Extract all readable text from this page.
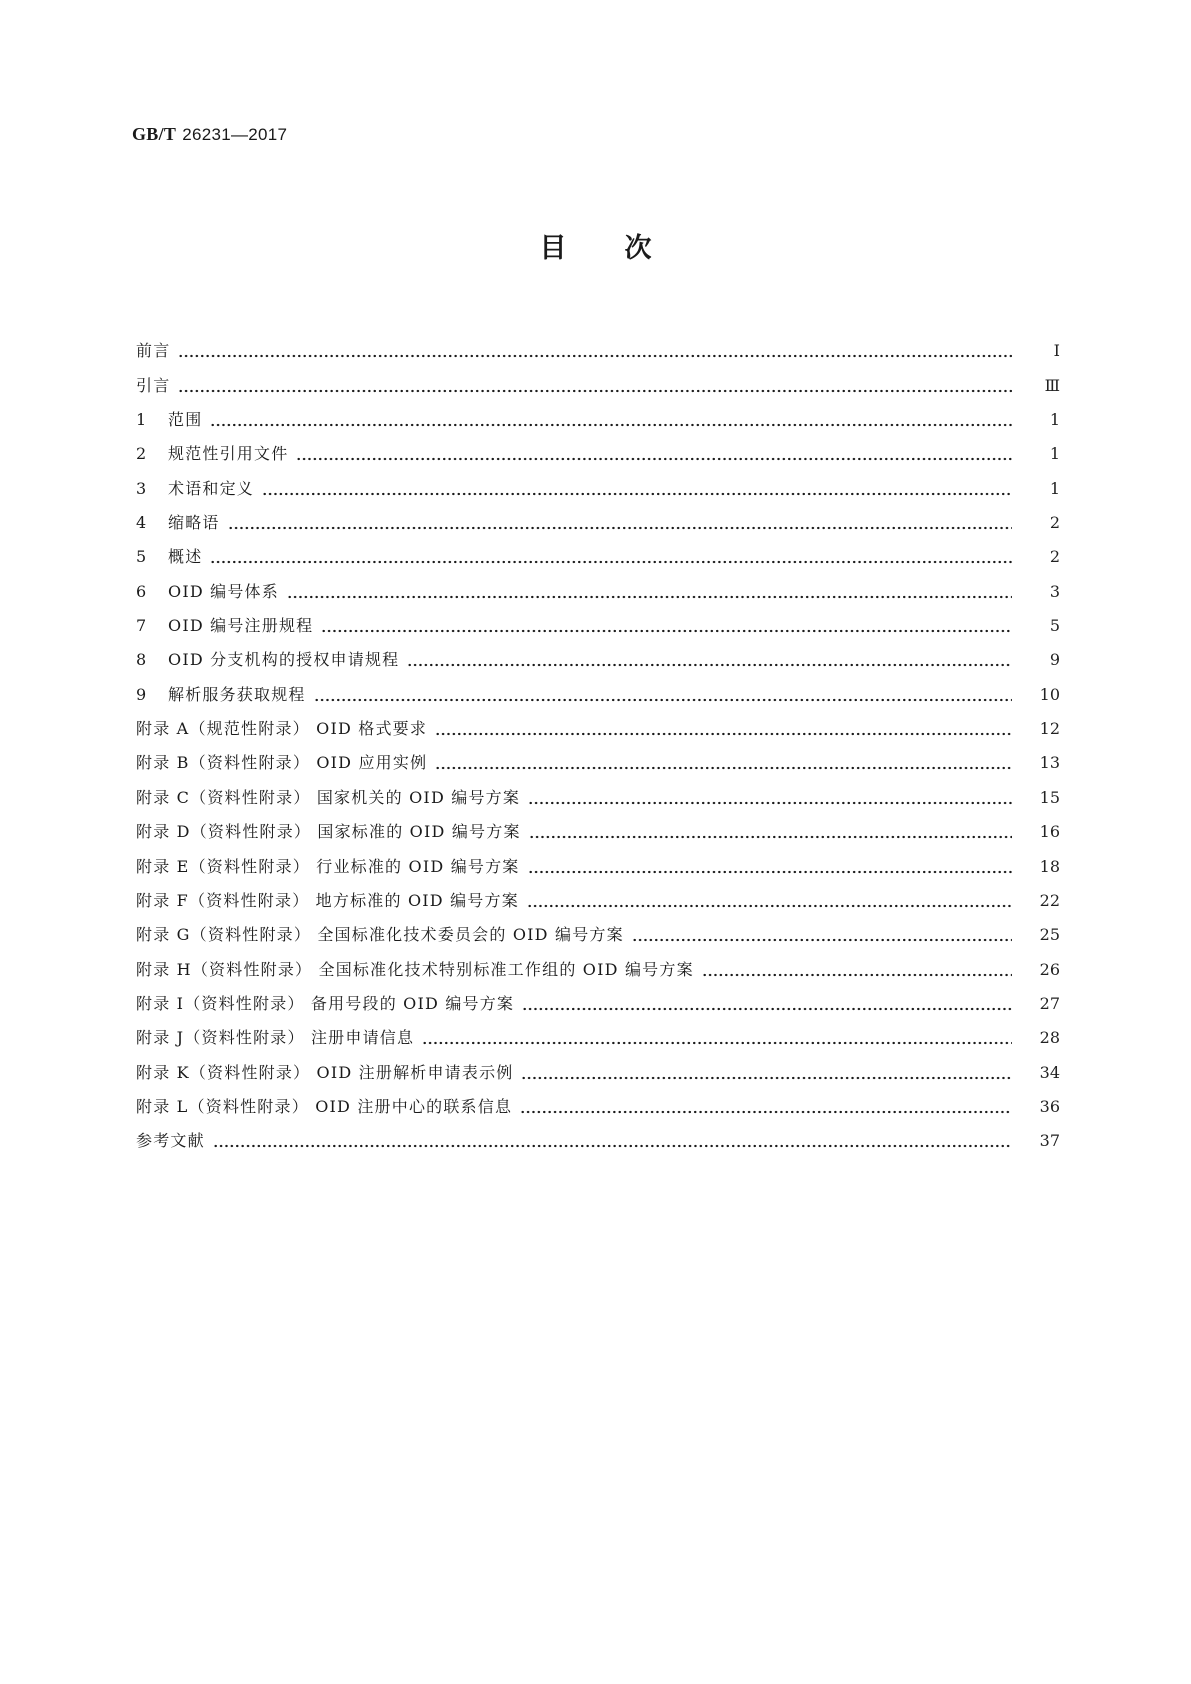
GB/T 26231—2017
目次
前言	Ⅰ
引言	Ⅲ
1 范围	1
2 规范性引用文件	1
3 术语和定义	1
4 缩略语	2
5 概述	2
6 OID 编号体系	3
7 OID 编号注册规程	5
8 OID 分支机构的授权申请规程	9
9 解析服务获取规程	10
附录 A（规范性附录） OID 格式要求	12
附录 B（资料性附录） OID 应用实例	13
附录 C（资料性附录） 国家机关的 OID 编号方案	15
附录 D（资料性附录） 国家标准的 OID 编号方案	16
附录 E（资料性附录） 行业标准的 OID 编号方案	18
附录 F（资料性附录） 地方标准的 OID 编号方案	22
附录 G（资料性附录） 全国标准化技术委员会的 OID 编号方案	25
附录 H（资料性附录） 全国标准化技术特别标准工作组的 OID 编号方案	26
附录 I（资料性附录） 备用号段的 OID 编号方案	27
附录 J（资料性附录） 注册申请信息	28
附录 K（资料性附录） OID 注册解析申请表示例	34
附录 L（资料性附录） OID 注册中心的联系信息	36
参考文献	37
